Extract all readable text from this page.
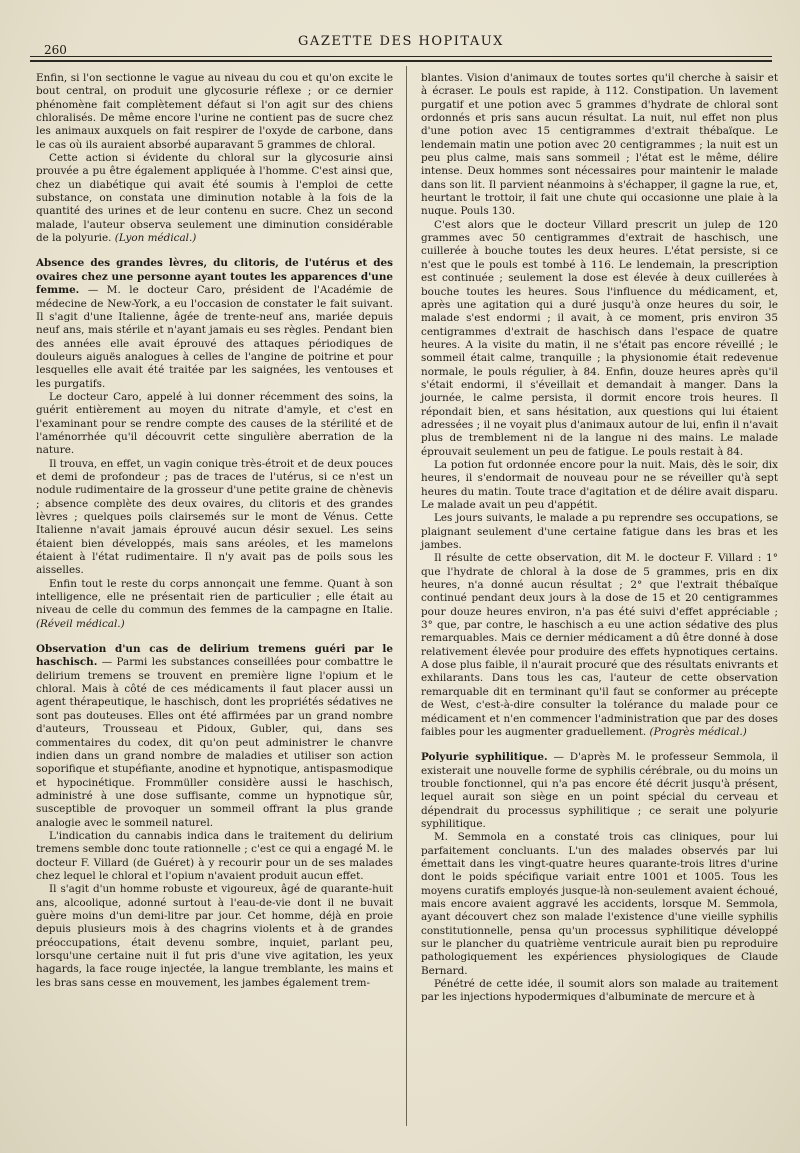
260
GAZETTE DES HOPITAUX

Enfin, si l'on sectionne le vague au niveau du cou et qu'on excite le bout central, on produit une glycosurie réflexe ; or ce dernier phénomène fait complètement défaut si l'on agit sur des chiens chloralisés. De même encore l'urine ne contient pas de sucre chez les animaux auxquels on fait respirer de l'oxyde de carbone, dans le cas où ils auraient absorbé auparavant 5 grammes de chloral.

Cette action si évidente du chloral sur la glycosurie ainsi prouvée a pu être également appliquée à l'homme. C'est ainsi que, chez un diabétique qui avait été soumis à l'emploi de cette substance, on constata une diminution notable à la fois de la quantité des urines et de leur contenu en sucre. Chez un second malade, l'auteur observa seulement une diminution considérable de la polyurie. (Lyon médical.)

Absence des grandes lèvres, du clitoris, de l'utérus et des ovaires chez une personne ayant toutes les apparences d'une femme. — M. le docteur Caro, président de l'Académie de médecine de New-York, a eu l'occasion de constater le fait suivant. Il s'agit d'une Italienne, âgée de trente-neuf ans, mariée depuis neuf ans, mais stérile et n'ayant jamais eu ses règles. Pendant bien des années elle avait éprouvé des attaques périodiques de douleurs aiguës analogues à celles de l'angine de poitrine et pour lesquelles elle avait été traitée par les saignées, les ventouses et les purgatifs.

Le docteur Caro, appelé à lui donner récemment des soins, la guérit entièrement au moyen du nitrate d'amyle, et c'est en l'examinant pour se rendre compte des causes de la stérilité et de l'aménorrhée qu'il découvrit cette singulière aberration de la nature.

Il trouva, en effet, un vagin conique très-étroit et de deux pouces et demi de profondeur ; pas de traces de l'utérus, si ce n'est un nodule rudimentaire de la grosseur d'une petite graine de chènevis ; absence complète des deux ovaires, du clitoris et des grandes lèvres ; quelques poils clairsemés sur le mont de Vénus. Cette Italienne n'avait jamais éprouvé aucun désir sexuel. Les seins étaient bien développés, mais sans aréoles, et les mamelons étaient à l'état rudimentaire. Il n'y avait pas de poils sous les aisselles.

Enfin tout le reste du corps annonçait une femme. Quant à son intelligence, elle ne présentait rien de particulier ; elle était au niveau de celle du commun des femmes de la campagne en Italie. (Réveil médical.)

Observation d'un cas de delirium tremens guéri par le haschisch. — Parmi les substances conseillées pour combattre le delirium tremens se trouvent en première ligne l'opium et le chloral. Mais à côté de ces médicaments il faut placer aussi un agent thérapeutique, le haschisch, dont les propriétés sédatives ne sont pas douteuses. Elles ont été affirmées par un grand nombre d'auteurs, Trousseau et Pidoux, Gubler, qui, dans ses commentaires du codex, dit qu'on peut administrer le chanvre indien dans un grand nombre de maladies et utiliser son action soporifique et stupéfiante, anodine et hypnotique, antispasmodique et hypocinétique. Frommüller considère aussi le haschisch, administré à une dose suffisante, comme un hypnotique sûr, susceptible de provoquer un sommeil offrant la plus grande analogie avec le sommeil naturel.

L'indication du cannabis indica dans le traitement du delirium tremens semble donc toute rationnelle ; c'est ce qui a engagé M. le docteur F. Villard (de Guéret) à y recourir pour un de ses malades chez lequel le chloral et l'opium n'avaient produit aucun effet.

Il s'agit d'un homme robuste et vigoureux, âgé de quarante-huit ans, alcoolique, adonné surtout à l'eau-de-vie dont il ne buvait guère moins d'un demi-litre par jour. Cet homme, déjà en proie depuis plusieurs mois à des chagrins violents et à de grandes préoccupations, était devenu sombre, inquiet, parlant peu, lorsqu'une certaine nuit il fut pris d'une vive agitation, les yeux hagards, la face rouge injectée, la langue tremblante, les mains et les bras sans cesse en mouvement, les jambes également trem-

blantes. Vision d'animaux de toutes sortes qu'il cherche à saisir et à écraser. Le pouls est rapide, à 112. Constipation. Un lavement purgatif et une potion avec 5 grammes d'hydrate de chloral sont ordonnés et pris sans aucun résultat. La nuit, nul effet non plus d'une potion avec 15 centigrammes d'extrait thébaïque. Le lendemain matin une potion avec 20 centigrammes ; la nuit est un peu plus calme, mais sans sommeil ; l'état est le même, délire intense. Deux hommes sont nécessaires pour maintenir le malade dans son lit. Il parvient néanmoins à s'échapper, il gagne la rue, et, heurtant le trottoir, il fait une chute qui occasionne une plaie à la nuque. Pouls 130.

C'est alors que le docteur Villard prescrit un julep de 120 grammes avec 50 centigrammes d'extrait de haschisch, une cuillerée à bouche toutes les deux heures. L'état persiste, si ce n'est que le pouls est tombé à 116. Le lendemain, la prescription est continuée ; seulement la dose est élevée à deux cuillerées à bouche toutes les heures. Sous l'influence du médicament, et, après une agitation qui a duré jusqu'à onze heures du soir, le malade s'est endormi ; il avait, à ce moment, pris environ 35 centigrammes d'extrait de haschisch dans l'espace de quatre heures. A la visite du matin, il ne s'était pas encore réveillé ; le sommeil était calme, tranquille ; la physionomie était redevenue normale, le pouls régulier, à 84. Enfin, douze heures après qu'il s'était endormi, il s'éveillait et demandait à manger. Dans la journée, le calme persista, il dormit encore trois heures. Il répondait bien, et sans hésitation, aux questions qui lui étaient adressées ; il ne voyait plus d'animaux autour de lui, enfin il n'avait plus de tremblement ni de la langue ni des mains. Le malade éprouvait seulement un peu de fatigue. Le pouls restait à 84.

La potion fut ordonnée encore pour la nuit. Mais, dès le soir, dix heures, il s'endormait de nouveau pour ne se réveiller qu'à sept heures du matin. Toute trace d'agitation et de délire avait disparu. Le malade avait un peu d'appétit.

Les jours suivants, le malade a pu reprendre ses occupations, se plaignant seulement d'une certaine fatigue dans les bras et les jambes.

Il résulte de cette observation, dit M. le docteur F. Villard : 1° que l'hydrate de chloral à la dose de 5 grammes, pris en dix heures, n'a donné aucun résultat ; 2° que l'extrait thébaïque continué pendant deux jours à la dose de 15 et 20 centigrammes pour douze heures environ, n'a pas été suivi d'effet appréciable ; 3° que, par contre, le haschisch a eu une action sédative des plus remarquables. Mais ce dernier médicament a dû être donné à dose relativement élevée pour produire des effets hypnotiques certains. A dose plus faible, il n'aurait procuré que des résultats enivrants et exhilarants. Dans tous les cas, l'auteur de cette observation remarquable dit en terminant qu'il faut se conformer au précepte de West, c'est-à-dire consulter la tolérance du malade pour ce médicament et n'en commencer l'administration que par des doses faibles pour les augmenter graduellement. (Progrès médical.)

Polyurie syphilitique. — D'après M. le professeur Semmola, il existerait une nouvelle forme de syphilis cérébrale, ou du moins un trouble fonctionnel, qui n'a pas encore été décrit jusqu'à présent, lequel aurait son siège en un point spécial du cerveau et dépendrait du processus syphilitique ; ce serait une polyurie syphilitique.

M. Semmola en a constaté trois cas cliniques, pour lui parfaitement concluants. L'un des malades observés par lui émettait dans les vingt-quatre heures quarante-trois litres d'urine dont le poids spécifique variait entre 1001 et 1005. Tous les moyens curatifs employés jusque-là non-seulement avaient échoué, mais encore avaient aggravé les accidents, lorsque M. Semmola, ayant découvert chez son malade l'existence d'une vieille syphilis constitutionnelle, pensa qu'un processus syphilitique développé sur le plancher du quatrième ventricule aurait bien pu reproduire pathologiquement les expériences physiologiques de Claude Bernard.

Pénétré de cette idée, il soumit alors son malade au traitement par les injections hypodermiques d'albuminate de mercure et à
